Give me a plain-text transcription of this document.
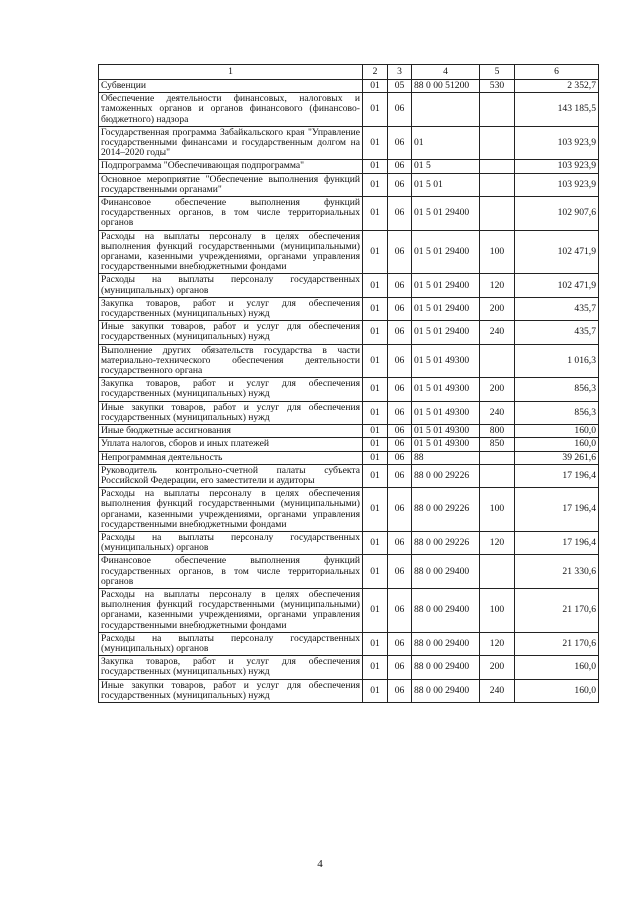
1	2	3	4	5	6
Субвенции	01	05	88 0 00 51200	530	2 352,7
Обеспечение деятельности финансовых, налоговых и таможенных органов и органов финансового (финансово-бюджетного) надзора	01	06			143 185,5
Государственная программа Забайкальского края "Управление государственными финансами и государственным долгом на 2014–2020 годы"	01	06	01		103 923,9
Подпрограмма "Обеспечивающая подпрограмма"	01	06	01 5		103 923,9
Основное мероприятие "Обеспечение выполнения функций государственными органами"	01	06	01 5 01		103 923,9
Финансовое обеспечение выполнения функций государственных органов, в том числе территориальных органов	01	06	01 5 01 29400		102 907,6
Расходы на выплаты персоналу в целях обеспечения выполнения функций государственными (муниципальными) органами, казенными учреждениями, органами управления государственными внебюджетными фондами	01	06	01 5 01 29400	100	102 471,9
Расходы на выплаты персоналу государственных (муниципальных) органов	01	06	01 5 01 29400	120	102 471,9
Закупка товаров, работ и услуг для обеспечения государственных (муниципальных) нужд	01	06	01 5 01 29400	200	435,7
Иные закупки товаров, работ и услуг для обеспечения государственных (муниципальных) нужд	01	06	01 5 01 29400	240	435,7
Выполнение других обязательств государства в части материально-технического обеспечения деятельности государственного органа	01	06	01 5 01 49300		1 016,3
Закупка товаров, работ и услуг для обеспечения государственных (муниципальных) нужд	01	06	01 5 01 49300	200	856,3
Иные закупки товаров, работ и услуг для обеспечения государственных (муниципальных) нужд	01	06	01 5 01 49300	240	856,3
Иные бюджетные ассигнования	01	06	01 5 01 49300	800	160,0
Уплата налогов, сборов и иных платежей	01	06	01 5 01 49300	850	160,0
Непрограммная деятельность	01	06	88		39 261,6
Руководитель контрольно-счетной палаты субъекта Российской Федерации, его заместители и аудиторы	01	06	88 0 00 29226		17 196,4
Расходы на выплаты персоналу в целях обеспечения выполнения функций государственными (муниципальными) органами, казенными учреждениями, органами управления государственными внебюджетными фондами	01	06	88 0 00 29226	100	17 196,4
Расходы на выплаты персоналу государственных (муниципальных) органов	01	06	88 0 00 29226	120	17 196,4
Финансовое обеспечение выполнения функций государственных органов, в том числе территориальных органов	01	06	88 0 00 29400		21 330,6
Расходы на выплаты персоналу в целях обеспечения выполнения функций государственными (муниципальными) органами, казенными учреждениями, органами управления государственными внебюджетными фондами	01	06	88 0 00 29400	100	21 170,6
Расходы на выплаты персоналу государственных (муниципальных) органов	01	06	88 0 00 29400	120	21 170,6
Закупка товаров, работ и услуг для обеспечения государственных (муниципальных) нужд	01	06	88 0 00 29400	200	160,0
Иные закупки товаров, работ и услуг для обеспечения государственных (муниципальных) нужд	01	06	88 0 00 29400	240	160,0
4
